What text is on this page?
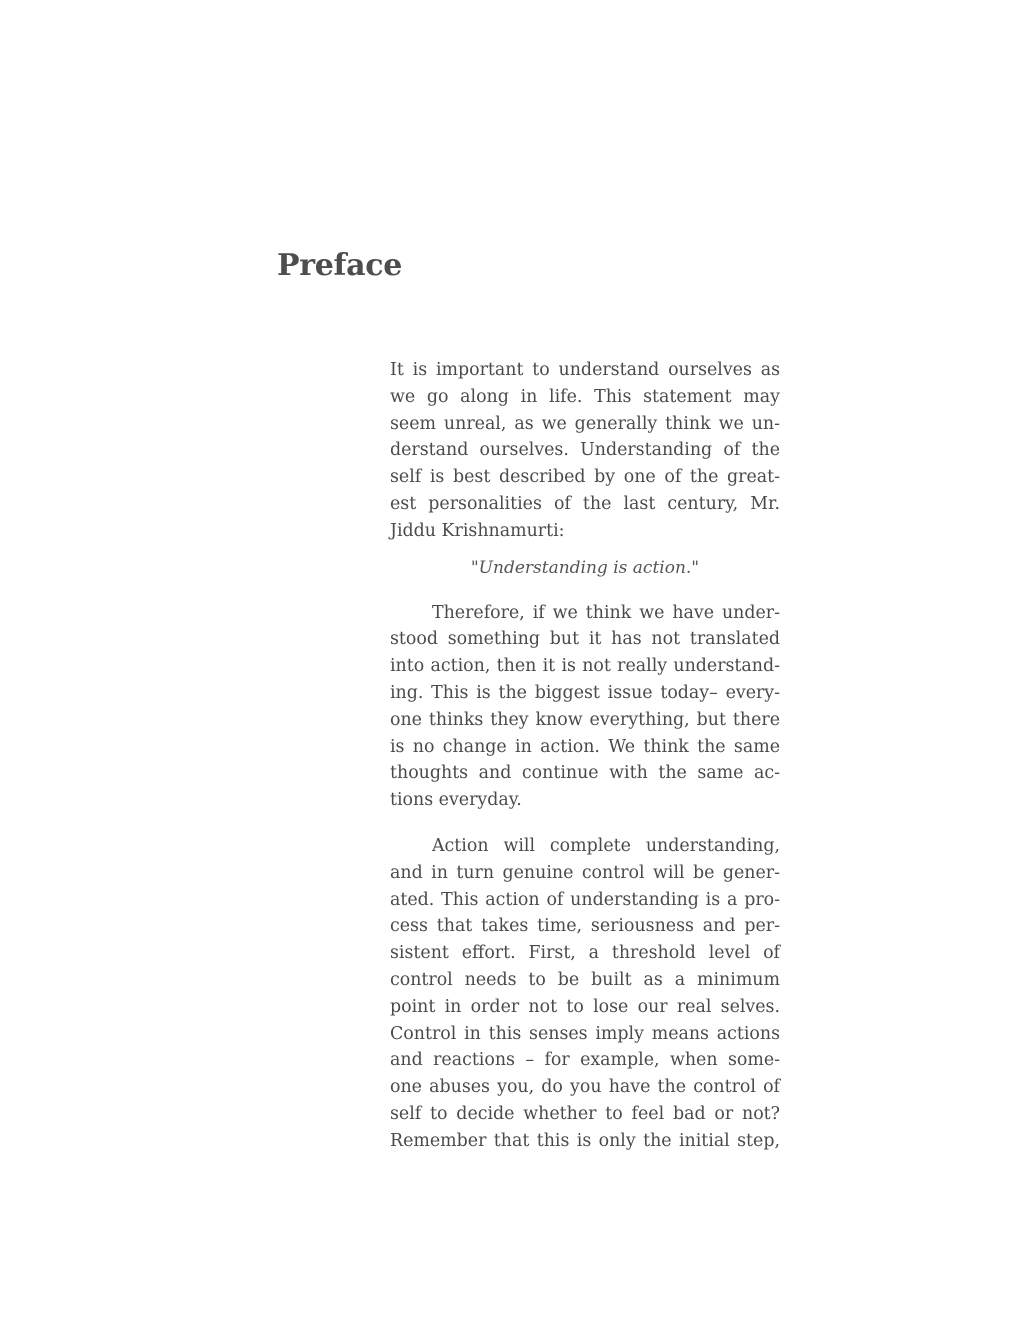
Preface
It is important to understand ourselves as
we go along in life. This statement may
seem unreal, as we generally think we un-
derstand ourselves. Understanding of the
self is best described by one of the great-
est personalities of the last century, Mr.
Jiddu Krishnamurti:
"Understanding is action."
Therefore, if we think we have under-
stood something but it has not translated
into action, then it is not really understand-
ing. This is the biggest issue today– every-
one thinks they know everything, but there
is no change in action. We think the same
thoughts and continue with the same ac-
tions everyday.
Action will complete understanding,
and in turn genuine control will be gener-
ated. This action of understanding is a pro-
cess that takes time, seriousness and per-
sistent effort. First, a threshold level of
control needs to be built as a minimum
point in order not to lose our real selves.
Control in this senses imply means actions
and reactions – for example, when some-
one abuses you, do you have the control of
self to decide whether to feel bad or not?
Remember that this is only the initial step,
